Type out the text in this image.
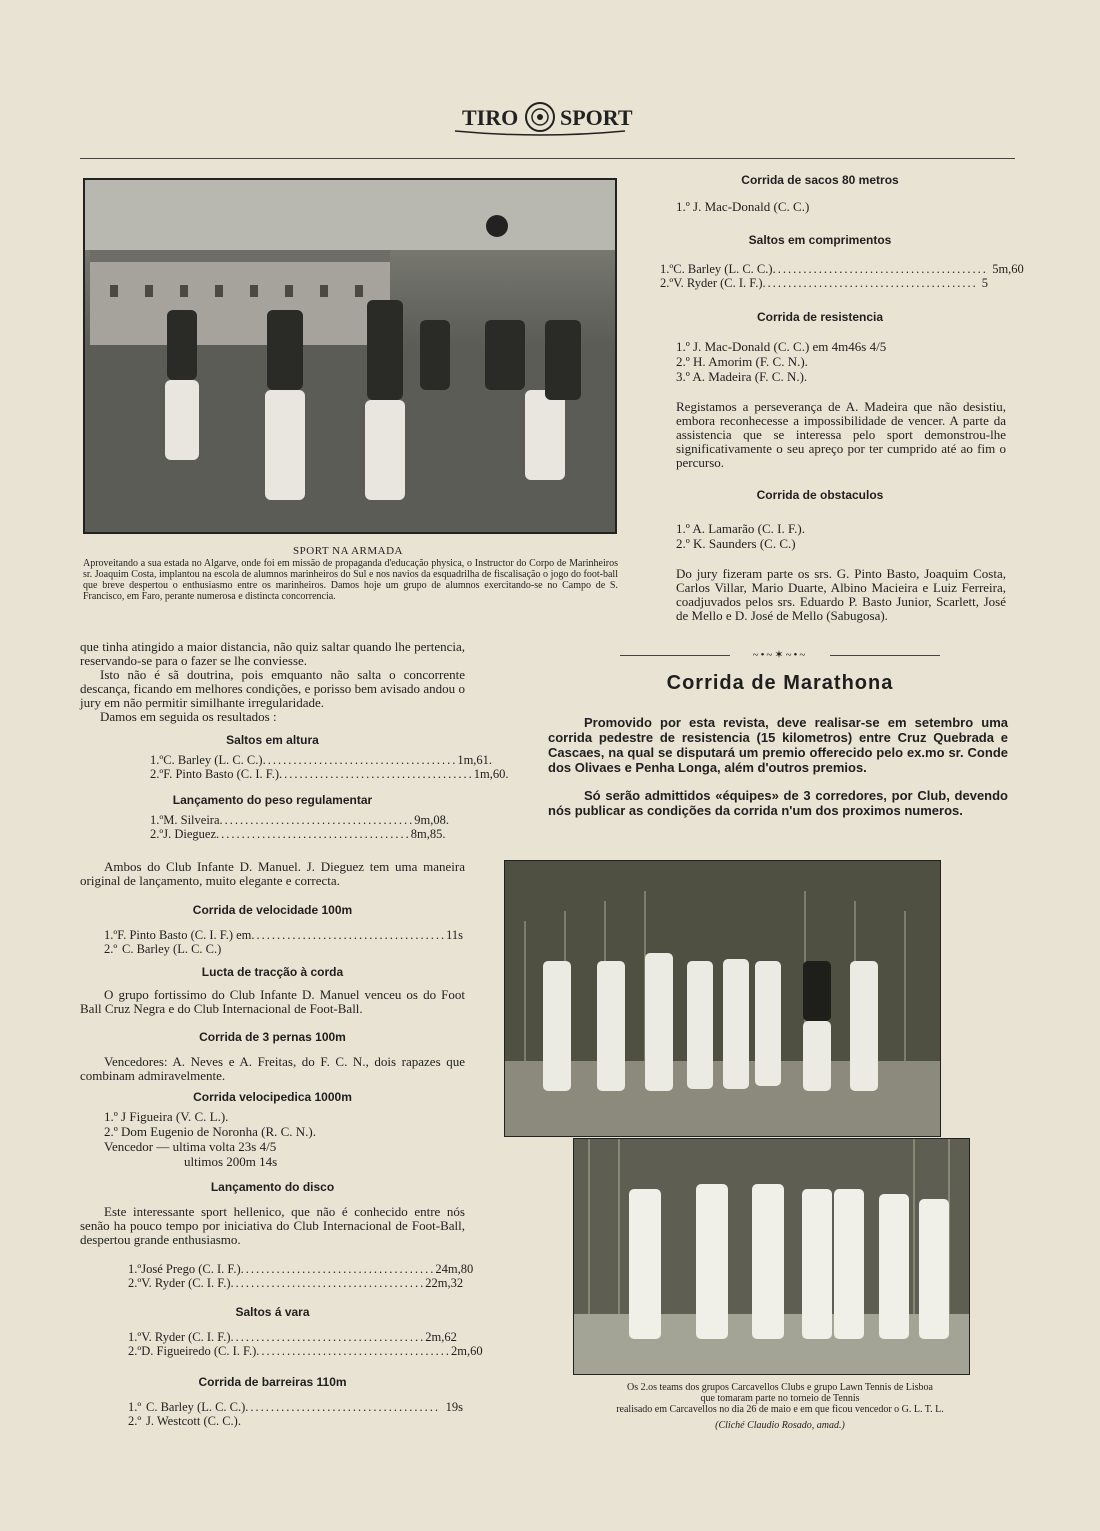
TIRO SPORT
SPORT NA ARMADA
Aproveitando a sua estada no Algarve, onde foi em missão de propaganda d'educação physica, o Instructor do Corpo de Marinheiros sr. Joaquim Costa, implantou na escola de alumnos marinheiros do Sul e nos navios da esquadrilha de fiscalisação o jogo do foot-ball que breve despertou o enthusiasmo entre os marinheiros. Damos hoje um grupo de alumnos exercitando-se no Campo de S. Francisco, em Faro, perante numerosa e distincta concorrencia.
que tinha atingido a maior distancia, não quiz saltar quando lhe pertencia, reservando-se para o fazer se lhe conviesse.
Isto não é sã doutrina, pois emquanto não salta o concorrente descança, ficando em melhores condições, e porisso bem avisado andou o jury em não permitir similhante irregularidade.
Damos em seguida os resultados :
Saltos em altura
1.º C. Barley (L. C. C.) ...................................... 1m,61.
2.º F. Pinto Basto (C. I. F.) ...................................... 1m,60.
Lançamento do peso regulamentar
1.º M. Silveira ...................................... 9m,08.
2.º J. Dieguez ...................................... 8m,85.
Ambos do Club Infante D. Manuel. J. Dieguez tem uma maneira original de lançamento, muito elegante e correcta.
Corrida de velocidade 100m
1.º F. Pinto Basto (C. I. F.) em ...................................... 11s
2.º C. Barley (L. C. C.)
Lucta de tracção à corda
O grupo fortissimo do Club Infante D. Manuel venceu os do Foot Ball Cruz Negra e do Club Internacional de Foot-Ball.
Corrida de 3 pernas 100m
Vencedores: A. Neves e A. Freitas, do F. C. N., dois rapazes que combinam admiravelmente.
Corrida velocipedica 1000m
1.º J Figueira (V. C. L.).
2.º Dom Eugenio de Noronha (R. C. N.).
Vencedor — ultima volta 23s 4/5
ultimos 200m 14s
Lançamento do disco
Este interessante sport hellenico, que não é conhecido entre nós senão ha pouco tempo por iniciativa do Club Internacional de Foot-Ball, despertou grande enthusiasmo.
1.º José Prego (C. I. F.) ...................................... 24m,80
2.º V. Ryder (C. I. F.) ...................................... 22m,32
Saltos á vara
1.º V. Ryder (C. I. F.) ...................................... 2m,62
2.º D. Figueiredo (C. I. F.) ...................................... 2m,60
Corrida de barreiras 110m
1.º C. Barley (L. C. C.) ...................................... 19s
2.º J. Westcott (C. C.).
Corrida de sacos 80 metros
1.º J. Mac-Donald (C. C.)
Saltos em comprimentos
1.º C. Barley (L. C. C.) .......................................... 5m,60
2.º V. Ryder (C. I. F.) .......................................... 5
Corrida de resistencia
1.º J. Mac-Donald (C. C.) em 4m46s 4/5
2.º H. Amorim (F. C. N.).
3.º A. Madeira (F. C. N.).
Registamos a perseverança de A. Madeira que não desistiu, embora reconhecesse a impossibilidade de vencer. A parte da assistencia que se interessa pelo sport demonstrou-lhe significativamente o seu apreço por ter cumprido até ao fim o percurso.
Corrida de obstaculos
1.º A. Lamarão (C. I. F.).
2.º K. Saunders (C. C.)
Do jury fizeram parte os srs. G. Pinto Basto, Joaquim Costa, Carlos Villar, Mario Duarte, Albino Macieira e Luiz Ferreira, coadjuvados pelos srs. Eduardo P. Basto Junior, Scarlett, José de Mello e D. José de Mello (Sabugosa).
~•~✶~•~
Corrida de Marathona
Promovido por esta revista, deve realisar-se em setembro uma corrida pedestre de resistencia (15 kilometros) entre Cruz Quebrada e Cascaes, na qual se disputará um premio offerecido pelo ex.mo sr. Conde dos Olivaes e Penha Longa, além d'outros premios.
Só serão admittidos «équipes» de 3 corredores, por Club, devendo nós publicar as condições da corrida n'um dos proximos numeros.
Os 2.os teams dos grupos Carcavellos Clubs e grupo Lawn Tennis de Lisboa
que tomaram parte no torneio de Tennis
realisado em Carcavellos no dia 26 de maio e em que ficou vencedor o G. L. T. L.
(Cliché Claudio Rosado, amad.)
